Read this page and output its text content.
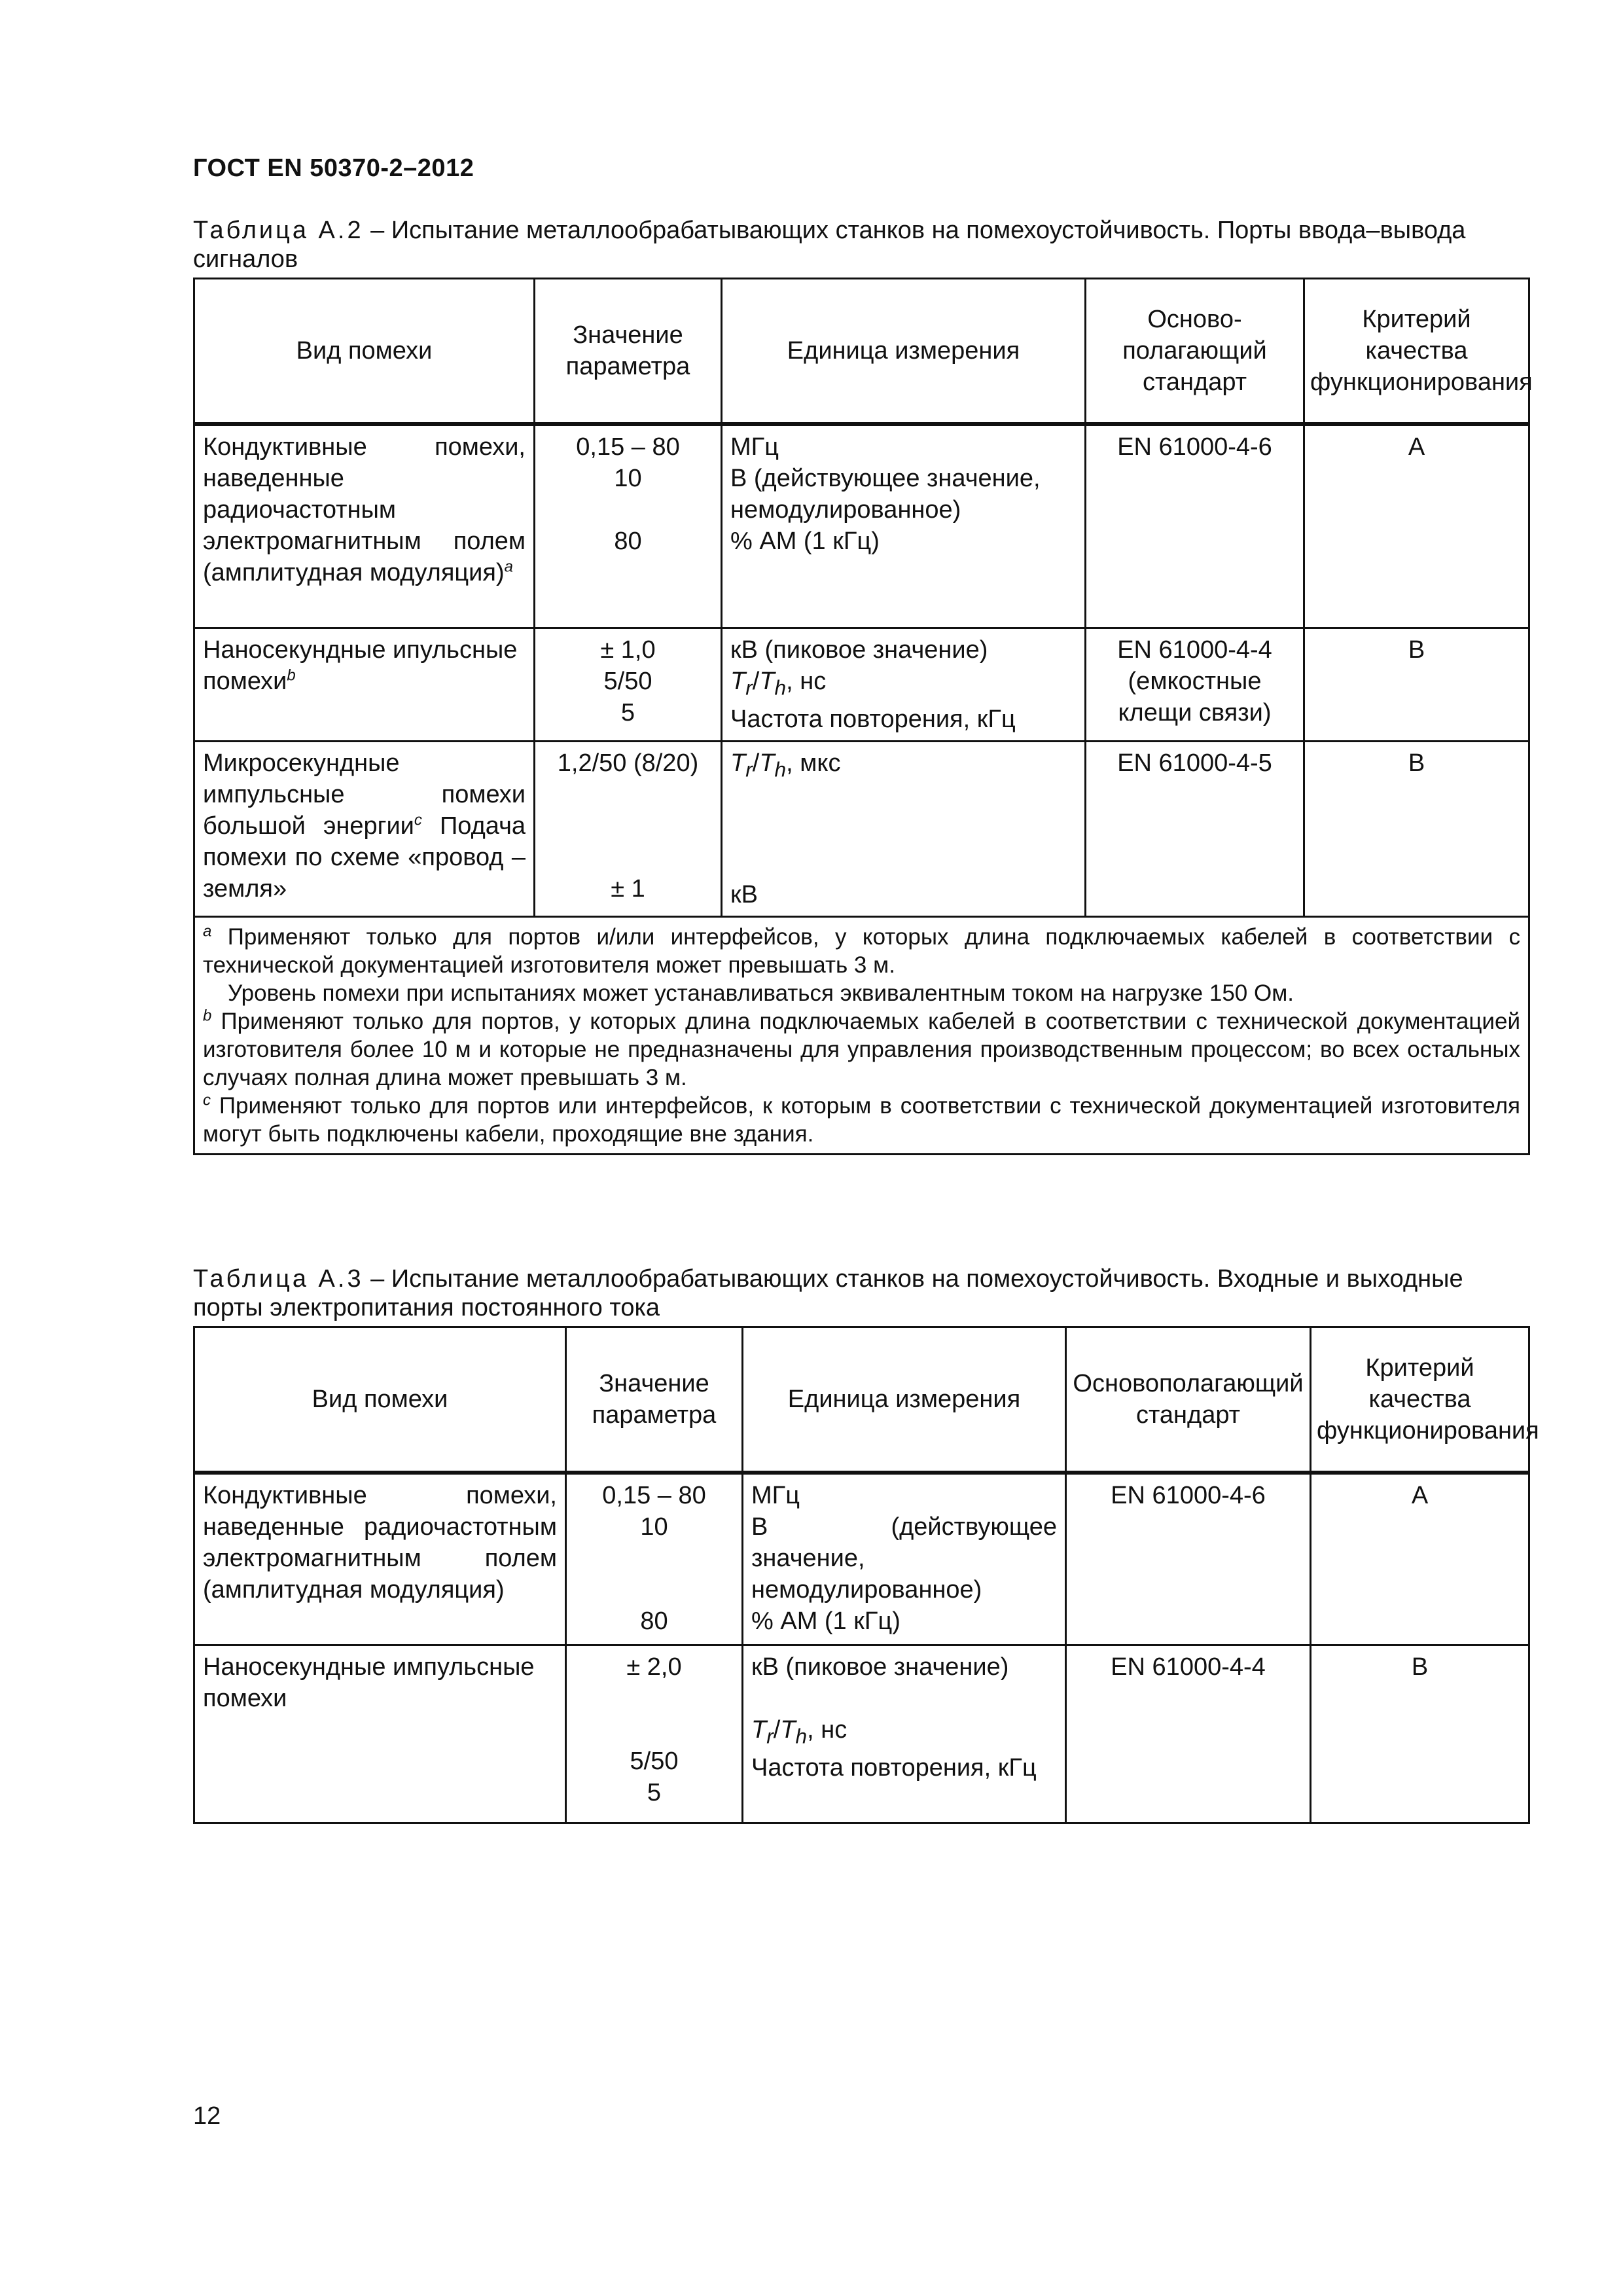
ГОСТ EN 50370-2–2012
Таблица А.2 – Испытание металлообрабатывающих станков на помехоустойчивость. Порты ввода–вывода сигналов
Вид помехи	Значение параметра	Единица измерения	Осново-полагающий стандарт	Критерий качества функционирования
Кондуктивные помехи, наведенные радиочастотным электромагнитным полем (амплитудная модуляция)$^a$	0,15 – 80
10
80	МГц
В (действующее значение, немодулированное)
% АМ (1 кГц)	EN 61000-4-6	А
Наносекундные ипульсные помехи$^b$	± 1,0
5/50
5	кВ (пиковое значение)
$T_r/T_h$, нс
Частота повторения, кГц	EN 61000-4-4 (емкостные клещи связи)	В
Микросекундные импульсные помехи большой энергии$^c$ Подача помехи по схеме «провод – земля»	1,2/50 (8/20)
± 1	$T_r/T_h$, мкс
кВ	EN 61000-4-5	В

$^a$ Применяют только для портов и/или интерфейсов, у которых длина подключаемых кабелей в соответствии с технической документацией изготовителя может превышать 3 м.

Уровень помехи при испытаниях может устанавливаться эквивалентным током на нагрузке 150 Ом.

$^b$ Применяют только для портов, у которых длина подключаемых кабелей в соответствии с технической документацией изготовителя более 10 м и которые не предназначены для управления производственным процессом; во всех остальных случаях полная длина может превышать 3 м.

$^c$ Применяют только для портов или интерфейсов, к которым в соответствии с технической документацией изготовителя могут быть подключены кабели, проходящие вне здания.				

Таблица А.3 – Испытание металлообрабатывающих станков на помехоустойчивость. Входные и выходные порты электропитания постоянного тока
Вид помехи	Значение параметра	Единица измерения	Основополагающий стандарт	Критерий качества функционирования
Кондуктивные помехи, наведенные радиочастотным электромагнитным полем (амплитудная модуляция)	0,15 – 80
10
80	МГц
В (действующее значение, немодулированное)
% АМ (1 кГц)	EN 61000-4-6	А
Наносекундные импульсные помехи	± 2,0
5/50
5	кВ (пиковое значение)
$T_r/T_h$, нс
Частота повторения, кГц	EN 61000-4-4	В
12
